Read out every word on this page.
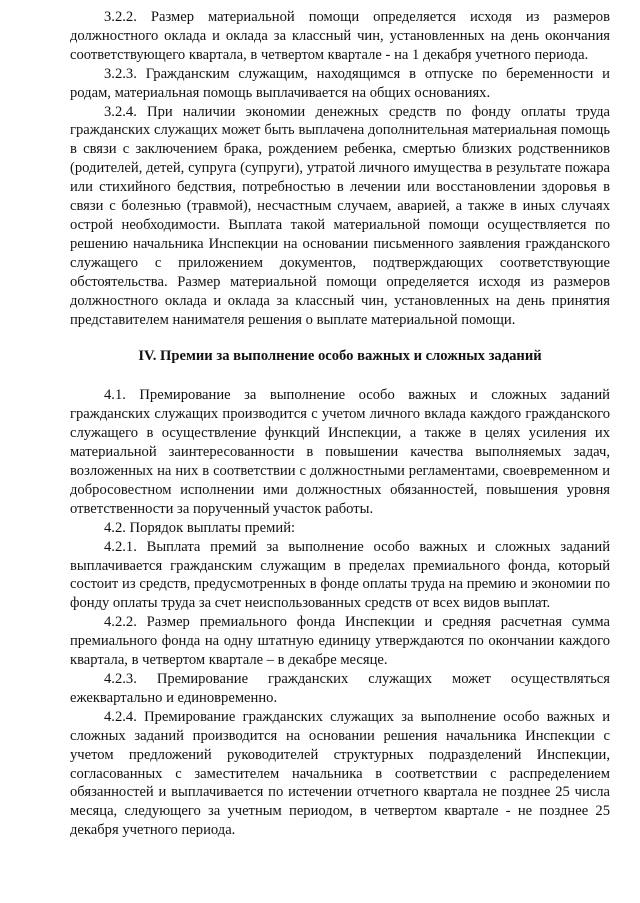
3.2.2. Размер материальной помощи определяется исходя из размеров должностного оклада и оклада за классный чин, установленных на день окончания соответствующего квартала, в четвертом квартале - на 1 декабря учетного периода.

3.2.3. Гражданским служащим, находящимся в отпуске по беременности и родам, материальная помощь выплачивается на общих основаниях.

3.2.4. При наличии экономии денежных средств по фонду оплаты труда гражданских служащих может быть выплачена дополнительная материальная помощь в связи с заключением брака, рождением ребенка, смертью близких родственников (родителей, детей, супруга (супруги), утратой личного имущества в результате пожара или стихийного бедствия, потребностью в лечении или восстановлении здоровья в связи с болезнью (травмой), несчастным случаем, аварией, а также в иных случаях острой необходимости. Выплата такой материальной помощи осуществляется по решению начальника Инспекции на основании письменного заявления гражданского служащего с приложением документов, подтверждающих соответствующие обстоятельства. Размер материальной помощи определяется исходя из размеров должностного оклада и оклада за классный чин, установленных на день принятия представителем нанимателя решения о выплате материальной помощи.

IV. Премии за выполнение особо важных и сложных заданий

4.1. Премирование за выполнение особо важных и сложных заданий гражданских служащих производится с учетом личного вклада каждого гражданского служащего в осуществление функций Инспекции, а также в целях усиления их материальной заинтересованности в повышении качества выполняемых задач, возложенных на них в соответствии с должностными регламентами, своевременном и добросовестном исполнении ими должностных обязанностей, повышения уровня ответственности за порученный участок работы.

4.2. Порядок выплаты премий:

4.2.1. Выплата премий за выполнение особо важных и сложных заданий выплачивается гражданским служащим в пределах премиального фонда, который состоит из средств, предусмотренных в фонде оплаты труда на премию и экономии по фонду оплаты труда за счет неиспользованных средств от всех видов выплат.

4.2.2. Размер премиального фонда Инспекции и средняя расчетная сумма премиального фонда на одну штатную единицу утверждаются по окончании каждого квартала, в четвертом квартале – в декабре месяце.

4.2.3. Премирование гражданских служащих может осуществляться ежеквартально и единовременно.

4.2.4. Премирование гражданских служащих за выполнение особо важных и сложных заданий производится на основании решения начальника Инспекции с учетом предложений руководителей структурных подразделений Инспекции, согласованных с заместителем начальника в соответствии с распределением обязанностей и выплачивается по истечении отчетного квартала не позднее 25 числа месяца, следующего за учетным периодом, в четвертом квартале - не позднее 25 декабря учетного периода.
